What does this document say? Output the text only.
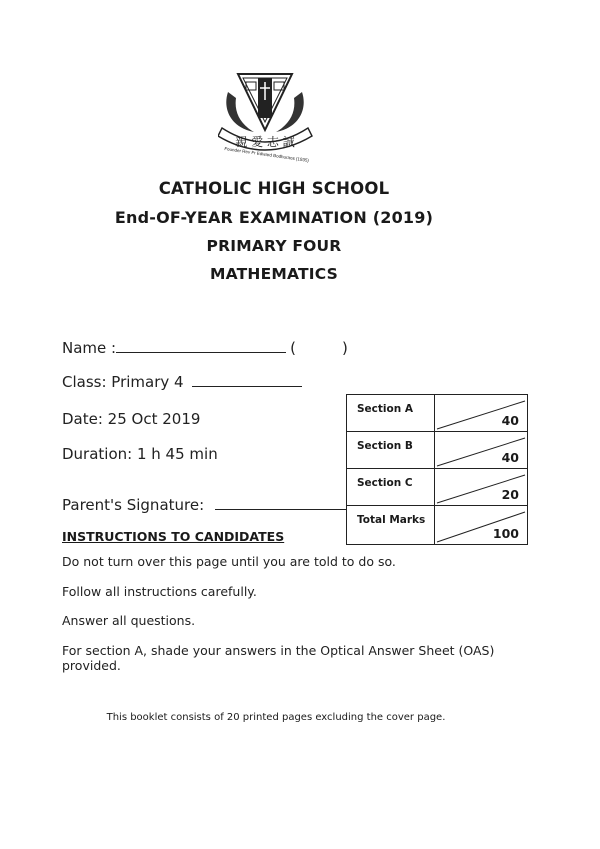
親 愛 志 誠
Founder Rev Fr Edward Bodhuraos (1935)
CATHOLIC HIGH SCHOOL
End-OF-YEAR EXAMINATION (2019)
PRIMARY FOUR
MATHEMATICS
Name :	(	)
Class: Primary 4
Date: 25 Oct 2019
Duration: 1 h 45 min
Parent's Signature:
Section A	40

Section B	40

Section C	20

Total Marks	100
INSTRUCTIONS TO CANDIDATES
Do not turn over this page until you are told to do so.
Follow all instructions carefully.
Answer all questions.
For section A, shade your answers in the Optical Answer Sheet (OAS) provided.
This booklet consists of 20 printed pages excluding the cover page.
